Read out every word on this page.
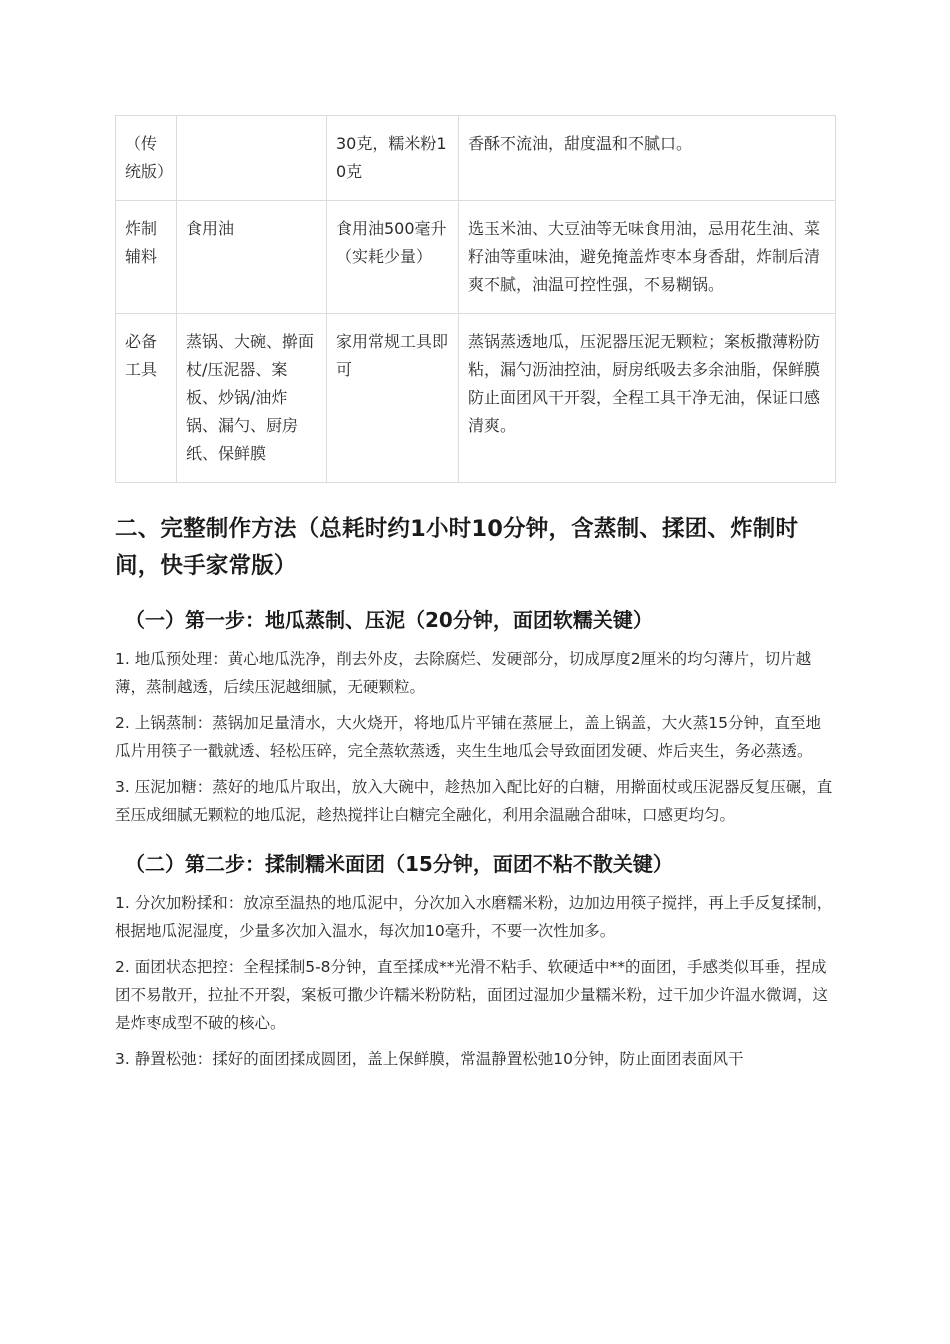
（传统版）		30克，糯米粉10克	香酥不流油，甜度温和不腻口。
炸制辅料	食用油	食用油500毫升（实耗少量）	选玉米油、大豆油等无味食用油，忌用花生油、菜籽油等重味油，避免掩盖炸枣本身香甜，炸制后清爽不腻，油温可控性强，不易糊锅。
必备工具	蒸锅、大碗、擀面杖/压泥器、案板、炒锅/油炸锅、漏勺、厨房纸、保鲜膜	家用常规工具即可	蒸锅蒸透地瓜，压泥器压泥无颗粒；案板撒薄粉防粘，漏勺沥油控油，厨房纸吸去多余油脂，保鲜膜防止面团风干开裂，全程工具干净无油，保证口感清爽。
二、完整制作方法（总耗时约1小时10分钟，含蒸制、揉团、炸制时间，快手家常版）
（一）第一步：地瓜蒸制、压泥（20分钟，面团软糯关键）

1. 地瓜预处理：黄心地瓜洗净，削去外皮，去除腐烂、发硬部分，切成厚度2厘米的均匀薄片，切片越薄，蒸制越透，后续压泥越细腻，无硬颗粒。

2. 上锅蒸制：蒸锅加足量清水，大火烧开，将地瓜片平铺在蒸屉上，盖上锅盖，大火蒸15分钟，直至地瓜片用筷子一戳就透、轻松压碎，完全蒸软蒸透，夹生生地瓜会导致面团发硬、炸后夹生，务必蒸透。

3. 压泥加糖：蒸好的地瓜片取出，放入大碗中，趁热加入配比好的白糖，用擀面杖或压泥器反复压碾，直至压成细腻无颗粒的地瓜泥，趁热搅拌让白糖完全融化，利用余温融合甜味，口感更均匀。

（二）第二步：揉制糯米面团（15分钟，面团不粘不散关键）

1. 分次加粉揉和：放凉至温热的地瓜泥中，分次加入水磨糯米粉，边加边用筷子搅拌，再上手反复揉制，根据地瓜泥湿度，少量多次加入温水，每次加10毫升，不要一次性加多。

2. 面团状态把控：全程揉制5-8分钟，直至揉成**光滑不粘手、软硬适中**的面团，手感类似耳垂，捏成团不易散开，拉扯不开裂，案板可撒少许糯米粉防粘，面团过湿加少量糯米粉，过干加少许温水微调，这是炸枣成型不破的核心。

3. 静置松弛：揉好的面团揉成圆团，盖上保鲜膜，常温静置松弛10分钟，防止面团表面风干
